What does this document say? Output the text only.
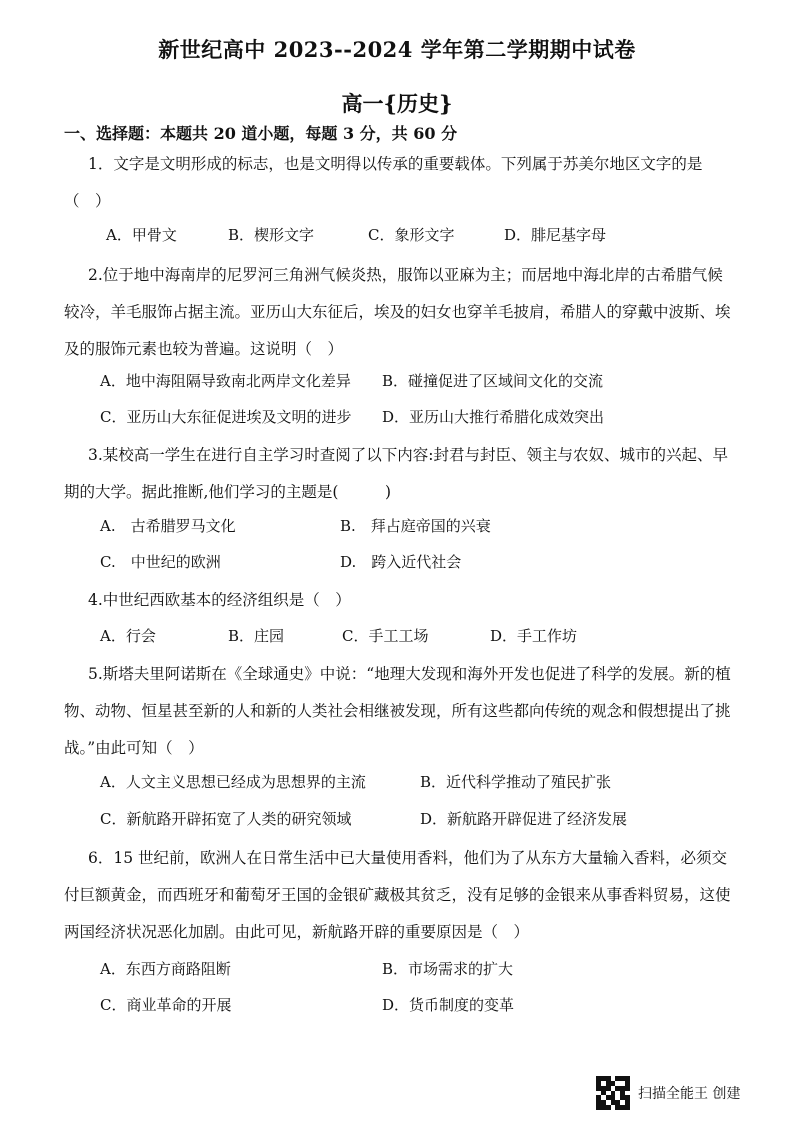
新世纪高中 2023--2024 学年第二学期期中试卷
高一{历史}
一、选择题：本题共 20 道小题，每题 3 分，共 60 分
1．文字是文明形成的标志，也是文明得以传承的重要载体。下列属于苏美尔地区文字的是（　）
A．甲骨文	B．楔形文字	C．象形文字	D．腓尼基字母
2.位于地中海南岸的尼罗河三角洲气候炎热，服饰以亚麻为主；而居地中海北岸的古希腊气候较冷，羊毛服饰占据主流。亚历山大东征后，埃及的妇女也穿羊毛披肩，希腊人的穿戴中波斯、埃及的服饰元素也较为普遍。这说明（　）
A．地中海阻隔导致南北两岸文化差异 B．碰撞促进了区域间文化的交流
C．亚历山大东征促进埃及文明的进步 D．亚历山大推行希腊化成效突出
3.某校高一学生在进行自主学习时查阅了以下内容:封君与封臣、领主与农奴、城市的兴起、早期的大学。据此推断,他们学习的主题是(　　　)
A.　古希腊罗马文化	B.　拜占庭帝国的兴衰
C.　中世纪的欧洲	D.　跨入近代社会
4.中世纪西欧基本的经济组织是（　）
A．行会	B．庄园	C．手工工场	D．手工作坊
5.斯塔夫里阿诺斯在《全球通史》中说：“地理大发现和海外开发也促进了科学的发展。新的植物、动物、恒星甚至新的人和新的人类社会相继被发现，所有这些都向传统的观念和假想提出了挑战。”由此可知（　）
A．人文主义思想已经成为思想界的主流	B．近代科学推动了殖民扩张
C．新航路开辟拓宽了人类的研究领域	D．新航路开辟促进了经济发展
6．15 世纪前，欧洲人在日常生活中已大量使用香料，他们为了从东方大量输入香料，必须交付巨额黄金，而西班牙和葡萄牙王国的金银矿藏极其贫乏，没有足够的金银来从事香料贸易，这使两国经济状况恶化加剧。由此可见，新航路开辟的重要原因是（　）
A．东西方商路阻断	B．市场需求的扩大
C．商业革命的开展	D．货币制度的变革
扫描全能王 创建
